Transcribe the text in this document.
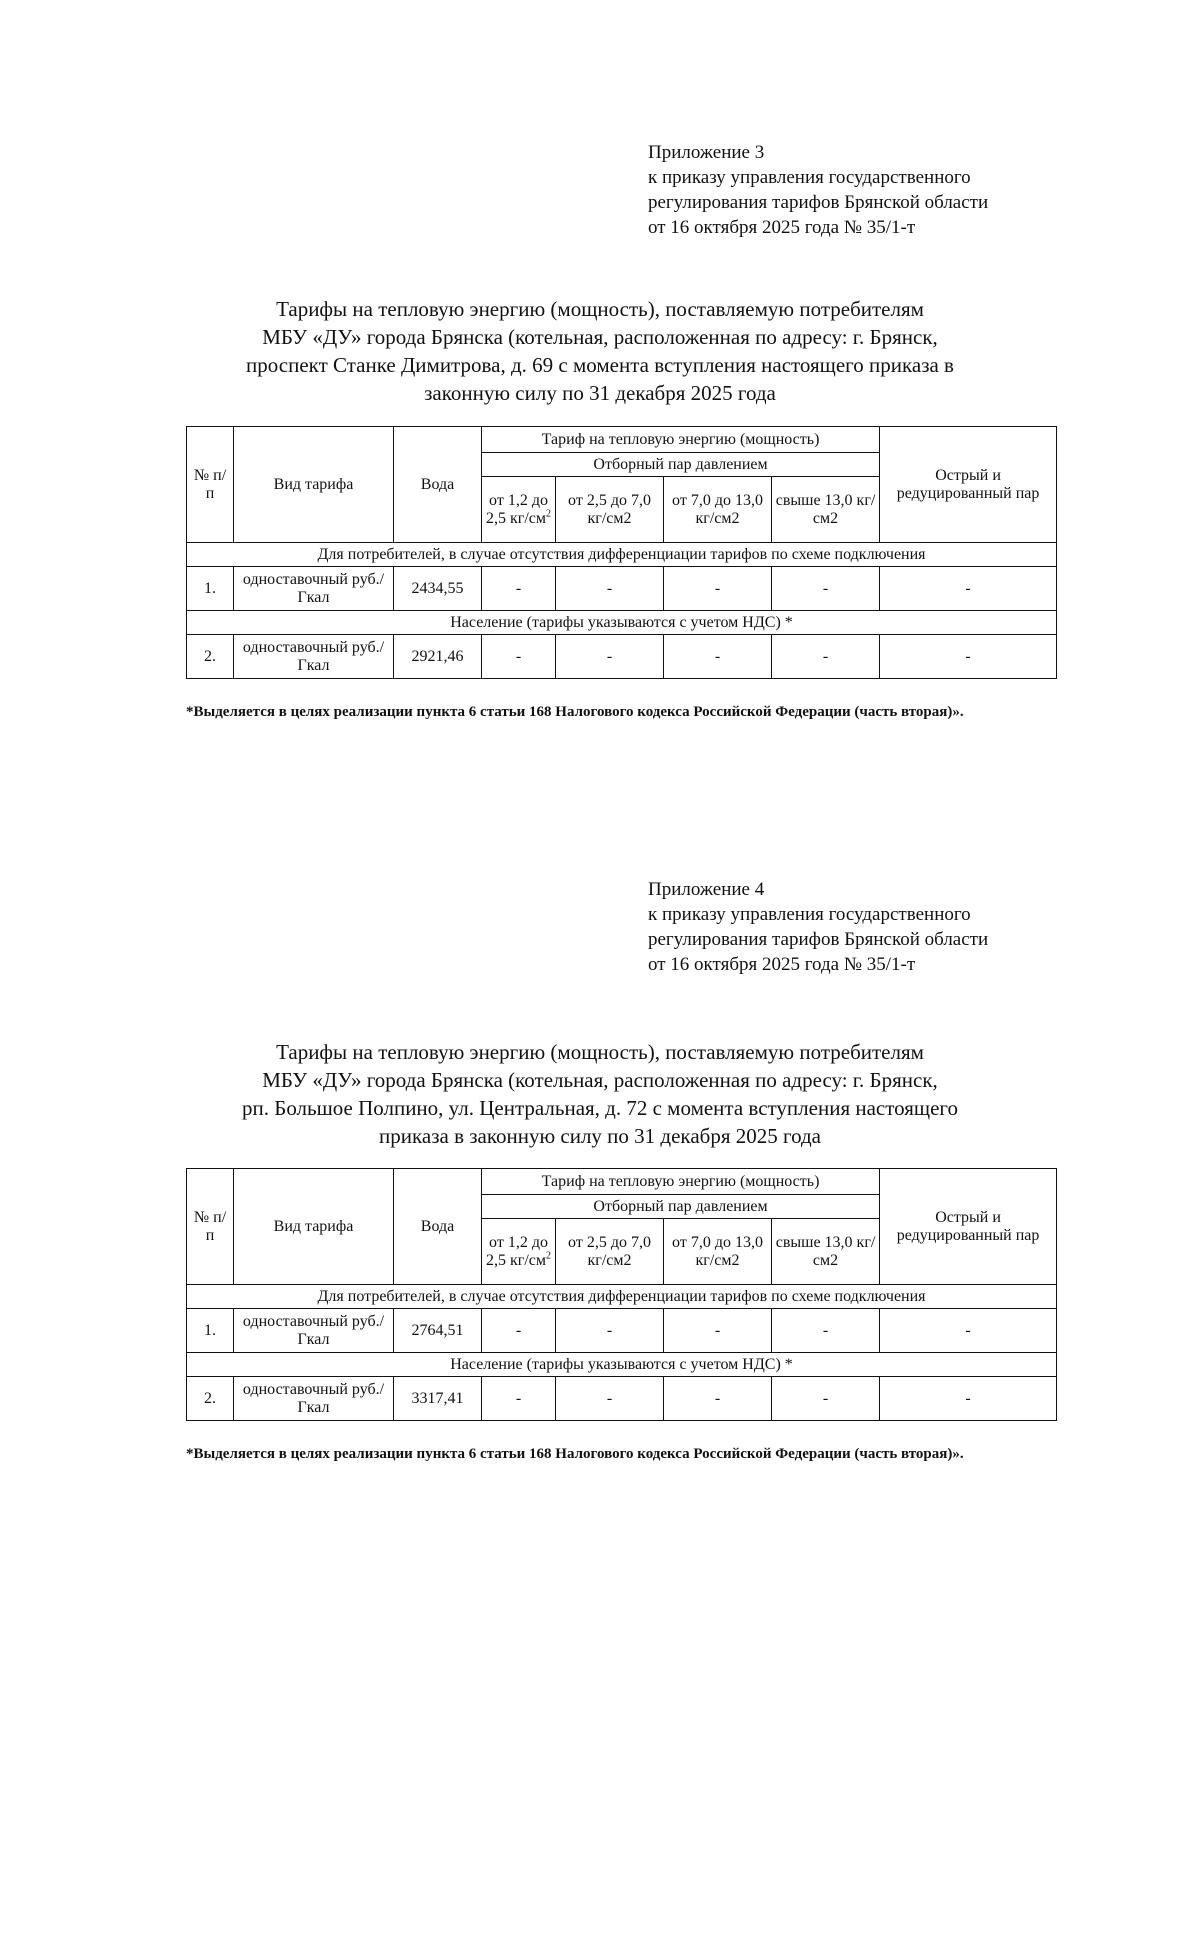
Приложение 3
к приказу управления государственного
регулирования тарифов Брянской области
от 16 октября 2025 года № 35/1-т
Тарифы на тепловую энергию (мощность), поставляемую потребителям
МБУ «ДУ» города Брянска (котельная, расположенная по адресу: г. Брянск,
проспект Станке Димитрова, д. 69 с момента вступления настоящего приказа в
законную силу по 31 декабря 2025 года
№ п/ п	Вид тарифа	Вода	Тариф на тепловую энергию (мощность)				Острый и редуцированный пар
			Отборный пар давлением				
			от 1,2 до 2,5 $кг/см^2$	от 2,5 до 7,0 кг/см2	от 7,0 до 13,0 кг/см2	свыше 13,0 кг/см2	
Для потребителей, в случае отсутствия дифференциации тарифов по схеме подключения							
1.	одноставочный руб./Гкал	2434,55	-	-	-	-	-
Население (тарифы указываются с учетом НДС) *							
2.	одноставочный руб./Гкал	2921,46	-	-	-	-	-
*Выделяется в целях реализации пункта 6 статьи 168 Налогового кодекса Российской Федерации (часть вторая)».
Приложение 4
к приказу управления государственного
регулирования тарифов Брянской области
от 16 октября 2025 года № 35/1-т
Тарифы на тепловую энергию (мощность), поставляемую потребителям
МБУ «ДУ» города Брянска (котельная, расположенная по адресу: г. Брянск,
рп. Большое Полпино, ул. Центральная, д. 72 с момента вступления настоящего
приказа в законную силу по 31 декабря 2025 года
№ п/ п	Вид тарифа	Вода	Тариф на тепловую энергию (мощность)				Острый и редуцированный пар
			Отборный пар давлением				
			от 1,2 до 2,5 $кг/см^2$	от 2,5 до 7,0 кг/см2	от 7,0 до 13,0 кг/см2	свыше 13,0 кг/см2	
Для потребителей, в случае отсутствия дифференциации тарифов по схеме подключения							
1.	одноставочный руб./Гкал	2764,51	-	-	-	-	-
Население (тарифы указываются с учетом НДС) *							
2.	одноставочный руб./Гкал	3317,41	-	-	-	-	-
*Выделяется в целях реализации пункта 6 статьи 168 Налогового кодекса Российской Федерации (часть вторая)».
